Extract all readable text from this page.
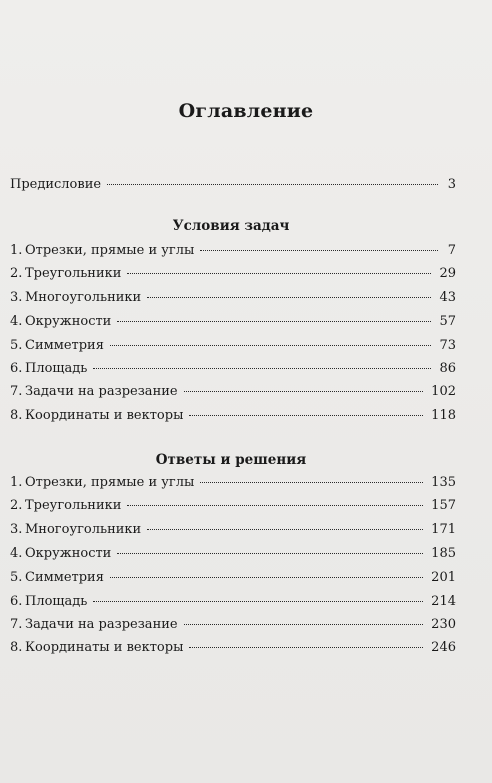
Оглавление
Предисловие	3
Условия задач
1. Отрезки, прямые и углы	7
2. Треугольники	29
3. Многоугольники	43
4. Окружности	57
5. Симметрия	73
6. Площадь	86
7. Задачи на разрезание	102
8. Координаты и векторы	118
Ответы и решения
1. Отрезки, прямые и углы	135
2. Треугольники	157
3. Многоугольники	171
4. Окружности	185
5. Симметрия	201
6. Площадь	214
7. Задачи на разрезание	230
8. Координаты и векторы	246
